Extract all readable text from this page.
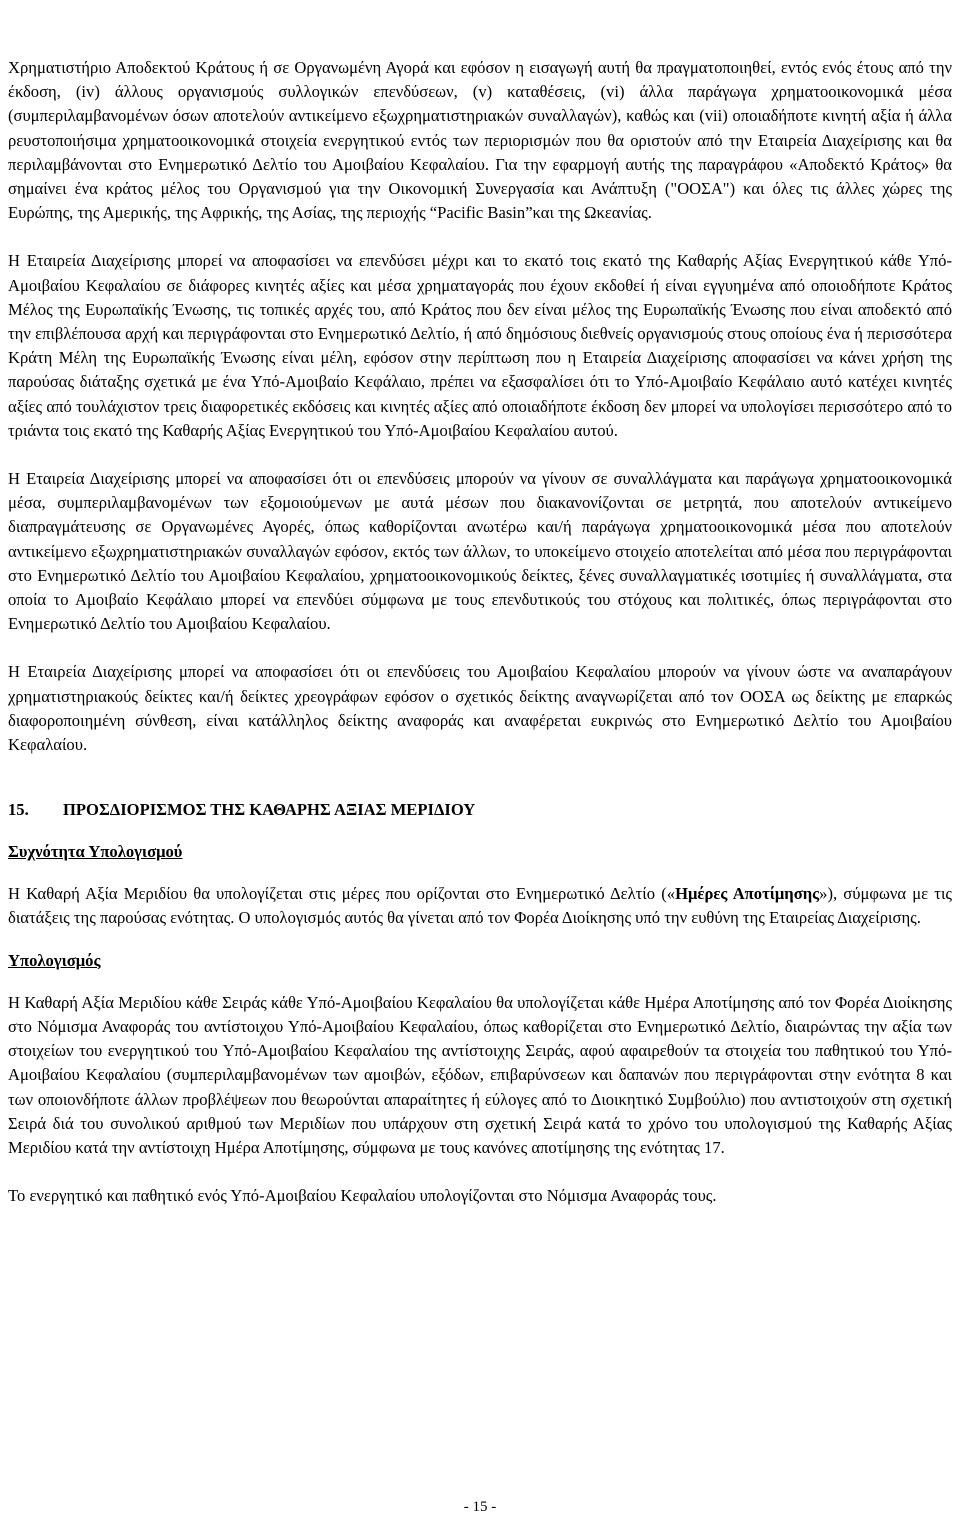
Χρηματιστήριο Αποδεκτού Κράτους ή σε Οργανωμένη Αγορά και εφόσον η εισαγωγή αυτή θα πραγματοποιηθεί, εντός ενός έτους από την έκδοση, (iv) άλλους οργανισμούς συλλογικών επενδύσεων, (v) καταθέσεις, (vi) άλλα παράγωγα χρηματοοικονομικά μέσα (συμπεριλαμβανομένων όσων αποτελούν αντικείμενο εξωχρηματιστηριακών συναλλαγών), καθώς και (vii) οποιαδήποτε κινητή αξία ή άλλα ρευστοποιήσιμα χρηματοοικονομικά στοιχεία ενεργητικού εντός των περιορισμών που θα οριστούν από την Εταιρεία Διαχείρισης και θα περιλαμβάνονται στο Ενημερωτικό Δελτίο του Αμοιβαίου Κεφαλαίου. Για την εφαρμογή αυτής της παραγράφου «Αποδεκτό Κράτος» θα σημαίνει ένα κράτος μέλος του Οργανισμού για την Οικονομική Συνεργασία και Ανάπτυξη ("ΟΟΣΑ") και όλες τις άλλες χώρες της Ευρώπης, της Αμερικής, της Αφρικής, της Ασίας, της περιοχής “Pacific Basin”και της Ωκεανίας.

Η Εταιρεία Διαχείρισης μπορεί να αποφασίσει να επενδύσει μέχρι και το εκατό τοις εκατό της Καθαρής Αξίας Ενεργητικού κάθε Υπό-Αμοιβαίου Κεφαλαίου σε διάφορες κινητές αξίες και μέσα χρηματαγοράς που έχουν εκδοθεί ή είναι εγγυημένα από οποιοδήποτε Κράτος Μέλος της Ευρωπαϊκής Ένωσης, τις τοπικές αρχές του, από Κράτος που δεν είναι μέλος της Ευρωπαϊκής Ένωσης που είναι αποδεκτό από την επιβλέπουσα αρχή και περιγράφονται στο Ενημερωτικό Δελτίο, ή από δημόσιους διεθνείς οργανισμούς στους οποίους ένα ή περισσότερα Κράτη Μέλη της Ευρωπαϊκής Ένωσης είναι μέλη, εφόσον στην περίπτωση που η Εταιρεία Διαχείρισης αποφασίσει να κάνει χρήση της παρούσας διάταξης σχετικά με ένα Υπό-Αμοιβαίο Κεφάλαιο, πρέπει να εξασφαλίσει ότι το Υπό-Αμοιβαίο Κεφάλαιο αυτό κατέχει κινητές αξίες από τουλάχιστον τρεις διαφορετικές εκδόσεις και κινητές αξίες από οποιαδήποτε έκδοση δεν μπορεί να υπολογίσει περισσότερο από το τριάντα τοις εκατό της Καθαρής Αξίας Ενεργητικού του Υπό-Αμοιβαίου Κεφαλαίου αυτού.

Η Εταιρεία Διαχείρισης μπορεί να αποφασίσει ότι οι επενδύσεις μπορούν να γίνουν σε συναλλάγματα και παράγωγα χρηματοοικονομικά μέσα, συμπεριλαμβανομένων των εξομοιούμενων με αυτά μέσων που διακανονίζονται σε μετρητά, που αποτελούν αντικείμενο διαπραγμάτευσης σε Οργανωμένες Αγορές, όπως καθορίζονται ανωτέρω και/ή παράγωγα χρηματοοικονομικά μέσα που αποτελούν αντικείμενο εξωχρηματιστηριακών συναλλαγών εφόσον, εκτός των άλλων, το υποκείμενο στοιχείο αποτελείται από μέσα που περιγράφονται στο Ενημερωτικό Δελτίο του Αμοιβαίου Κεφαλαίου, χρηματοοικονομικούς δείκτες, ξένες συναλλαγματικές ισοτιμίες ή συναλλάγματα, στα οποία το Αμοιβαίο Κεφάλαιο μπορεί να επενδύει σύμφωνα με τους επενδυτικούς του στόχους και πολιτικές, όπως περιγράφονται στο Ενημερωτικό Δελτίο του Αμοιβαίου Κεφαλαίου.

Η Εταιρεία Διαχείρισης μπορεί να αποφασίσει ότι οι επενδύσεις του Αμοιβαίου Κεφαλαίου μπορούν να γίνουν ώστε να αναπαράγουν χρηματιστηριακούς δείκτες και/ή δείκτες χρεογράφων εφόσον ο σχετικός δείκτης αναγνωρίζεται από τον ΟΟΣΑ ως δείκτης με επαρκώς διαφοροποιημένη σύνθεση, είναι κατάλληλος δείκτης αναφοράς και αναφέρεται ευκρινώς στο Ενημερωτικό Δελτίο του Αμοιβαίου Κεφαλαίου.

15.	ΠΡΟΣΔΙΟΡΙΣΜΟΣ ΤΗΣ ΚΑΘΑΡΗΣ ΑΞΙΑΣ ΜΕΡΙΔΙΟΥ
Συχνότητα Υπολογισμού

Η Καθαρή Αξία Μεριδίου θα υπολογίζεται στις μέρες που ορίζονται στο Ενημερωτικό Δελτίο («Ημέρες Αποτίμησης»), σύμφωνα με τις διατάξεις της παρούσας ενότητας. Ο υπολογισμός αυτός θα γίνεται από τον Φορέα Διοίκησης υπό την ευθύνη της Εταιρείας Διαχείρισης.

Υπολογισμός

Η Καθαρή Αξία Μεριδίου κάθε Σειράς κάθε Υπό-Αμοιβαίου Κεφαλαίου θα υπολογίζεται κάθε Ημέρα Αποτίμησης από τον Φορέα Διοίκησης στο Νόμισμα Αναφοράς του αντίστοιχου Υπό-Αμοιβαίου Κεφαλαίου, όπως καθορίζεται στο Ενημερωτικό Δελτίο, διαιρώντας την αξία των στοιχείων του ενεργητικού του Υπό-Αμοιβαίου Κεφαλαίου της αντίστοιχης Σειράς, αφού αφαιρεθούν τα στοιχεία του παθητικού του Υπό-Αμοιβαίου Κεφαλαίου (συμπεριλαμβανομένων των αμοιβών, εξόδων, επιβαρύνσεων και δαπανών που περιγράφονται στην ενότητα 8 και των οποιονδήποτε άλλων προβλέψεων που θεωρούνται απαραίτητες ή εύλογες από το Διοικητικό Συμβούλιο) που αντιστοιχούν στη σχετική Σειρά διά του συνολικού αριθμού των Μεριδίων που υπάρχουν στη σχετική Σειρά κατά το χρόνο του υπολογισμού της Καθαρής Αξίας Μεριδίου κατά την αντίστοιχη Ημέρα Αποτίμησης, σύμφωνα με τους κανόνες αποτίμησης της ενότητας 17.

Το ενεργητικό και παθητικό ενός Υπό-Αμοιβαίου Κεφαλαίου υπολογίζονται στο Νόμισμα Αναφοράς τους.

- 15 -
